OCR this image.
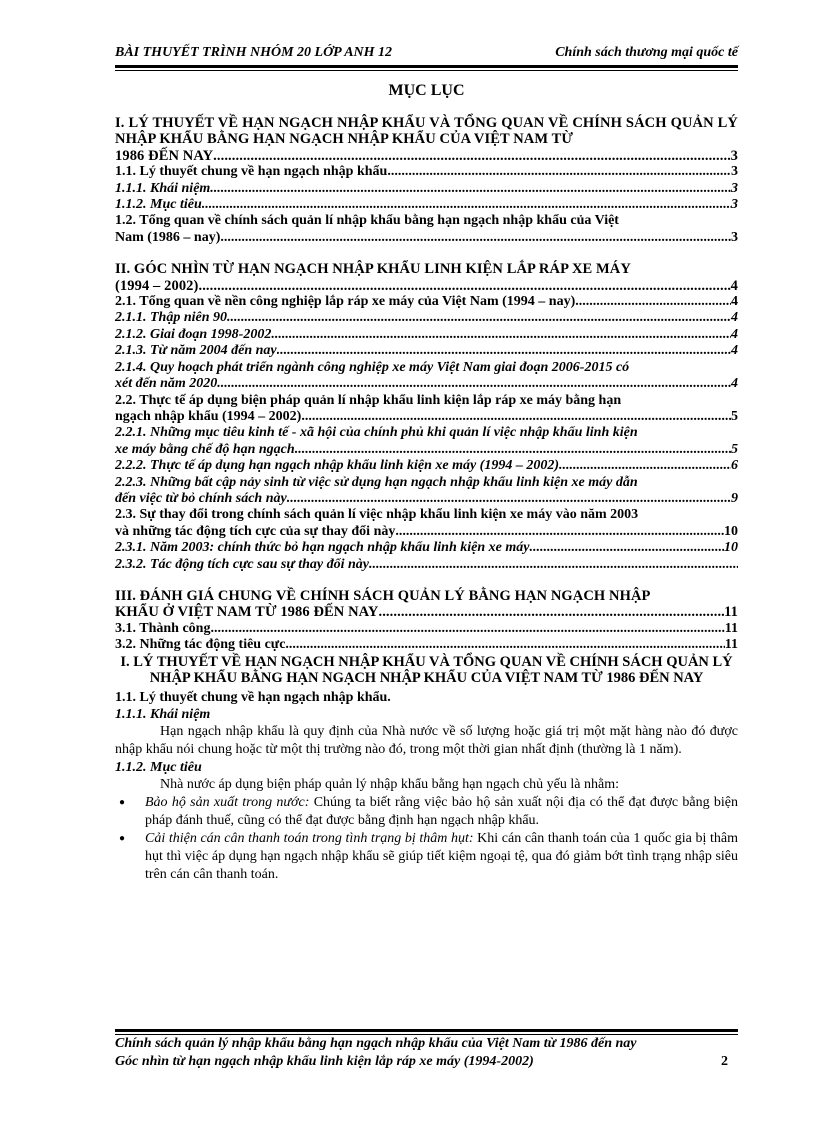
BÀI THUYẾT TRÌNH NHÓM 20 LỚP ANH 12	Chính sách thương mại quốc tế
MỤC LỤC
I. LÝ THUYẾT VỀ HẠN NGẠCH NHẬP KHẨU VÀ TỔNG QUAN VỀ CHÍNH SÁCH QUẢN LÝ NHẬP KHẨU BẰNG HẠN NGẠCH NHẬP KHẨU CỦA VIỆT NAM TỪ
1986 ĐẾN NAY .....	3
1.1. Lý thuyết chung về hạn ngạch nhập khẩu .....	3
1.1.1. Khái niệm .....	3
1.1.2. Mục tiêu .....	3
1.2. Tổng quan về chính sách quản lí nhập khẩu bằng hạn ngạch nhập khẩu của Việt
Nam (1986 – nay) .....	3
II. GÓC NHÌN TỪ HẠN NGẠCH NHẬP KHẨU LINH KIỆN LẮP RÁP XE MÁY
(1994 – 2002) .....	4
2.1. Tổng quan về nền công nghiệp lắp ráp xe máy của Việt Nam (1994 – nay) .....	4
2.1.1. Thập niên 90 .....	4
2.1.2. Giai đoạn 1998-2002 .....	4
2.1.3. Từ năm 2004 đến nay .....	4
2.1.4. Quy hoạch phát triển ngành công nghiệp xe máy Việt Nam giai đoạn 2006-2015 có
xét đến năm 2020 .....	4
2.2. Thực tế áp dụng biện pháp quản lí nhập khẩu linh kiện lắp ráp xe máy bằng hạn
ngạch nhập khẩu (1994 – 2002) .....	5
2.2.1. Những mục tiêu kinh tế - xã hội của chính phủ khi quản lí việc nhập khẩu linh kiện
xe máy bằng chế độ hạn ngạch .....	5
2.2.2. Thực tế áp dụng hạn ngạch nhập khẩu linh kiện xe máy (1994 – 2002) .....	6
2.2.3. Những bất cập nảy sinh từ việc sử dụng hạn ngạch nhập khẩu linh kiện xe máy dẫn
đến việc từ bỏ chính sách này .....	9
2.3. Sự thay đổi trong chính sách quản lí việc nhập khẩu linh kiện xe máy vào năm 2003
và những tác động tích cực của sự thay đổi này .....	10
2.3.1. Năm 2003: chính thức bỏ hạn ngạch nhập khẩu linh kiện xe máy .....	10
2.3.2. Tác động tích cực sau sự thay đổi này
.....
III. ĐÁNH GIÁ CHUNG VỀ CHÍNH SÁCH QUẢN LÝ BẰNG HẠN NGẠCH NHẬP
KHẨU Ở VIỆT NAM TỪ 1986 ĐẾN NAY .....	11
3.1. Thành công .....	11
3.2. Những tác động tiêu cực .....	11
I. LÝ THUYẾT VỀ HẠN NGẠCH NHẬP KHẨU VÀ TỔNG QUAN VỀ CHÍNH SÁCH QUẢN LÝ NHẬP KHẨU BẰNG HẠN NGẠCH NHẬP KHẨU CỦA VIỆT NAM TỪ 1986 ĐẾN NAY
1.1. Lý thuyết chung về hạn ngạch nhập khẩu.
1.1.1. Khái niệm
Hạn ngạch nhập khẩu là quy định của Nhà nước về số lượng hoặc giá trị một mặt hàng nào đó được nhập khẩu nói chung hoặc từ một thị trường nào đó, trong một thời gian nhất định (thường là 1 năm).
1.1.2. Mục tiêu
Nhà nước áp dụng biện pháp quản lý nhập khẩu bằng hạn ngạch chủ yếu là nhằm:
●	Bảo hộ sản xuất trong nước: Chúng ta biết rằng việc bảo hộ sản xuất nội địa có thể đạt được bằng biện pháp đánh thuế, cũng có thể đạt được bằng định hạn ngạch nhập khẩu.
●	Cải thiện cán cân thanh toán trong tình trạng bị thâm hụt: Khi cán cân thanh toán của 1 quốc gia bị thâm hụt thì việc áp dụng hạn ngạch nhập khẩu sẽ giúp tiết kiệm ngoại tệ, qua đó giảm bớt tình trạng nhập siêu trên cán cân thanh toán.
Chính sách quản lý nhập khẩu bằng hạn ngạch nhập khẩu của Việt Nam từ 1986 đến nay
Góc nhìn từ hạn ngạch nhập khẩu linh kiện lắp ráp xe máy (1994-2002)	2
